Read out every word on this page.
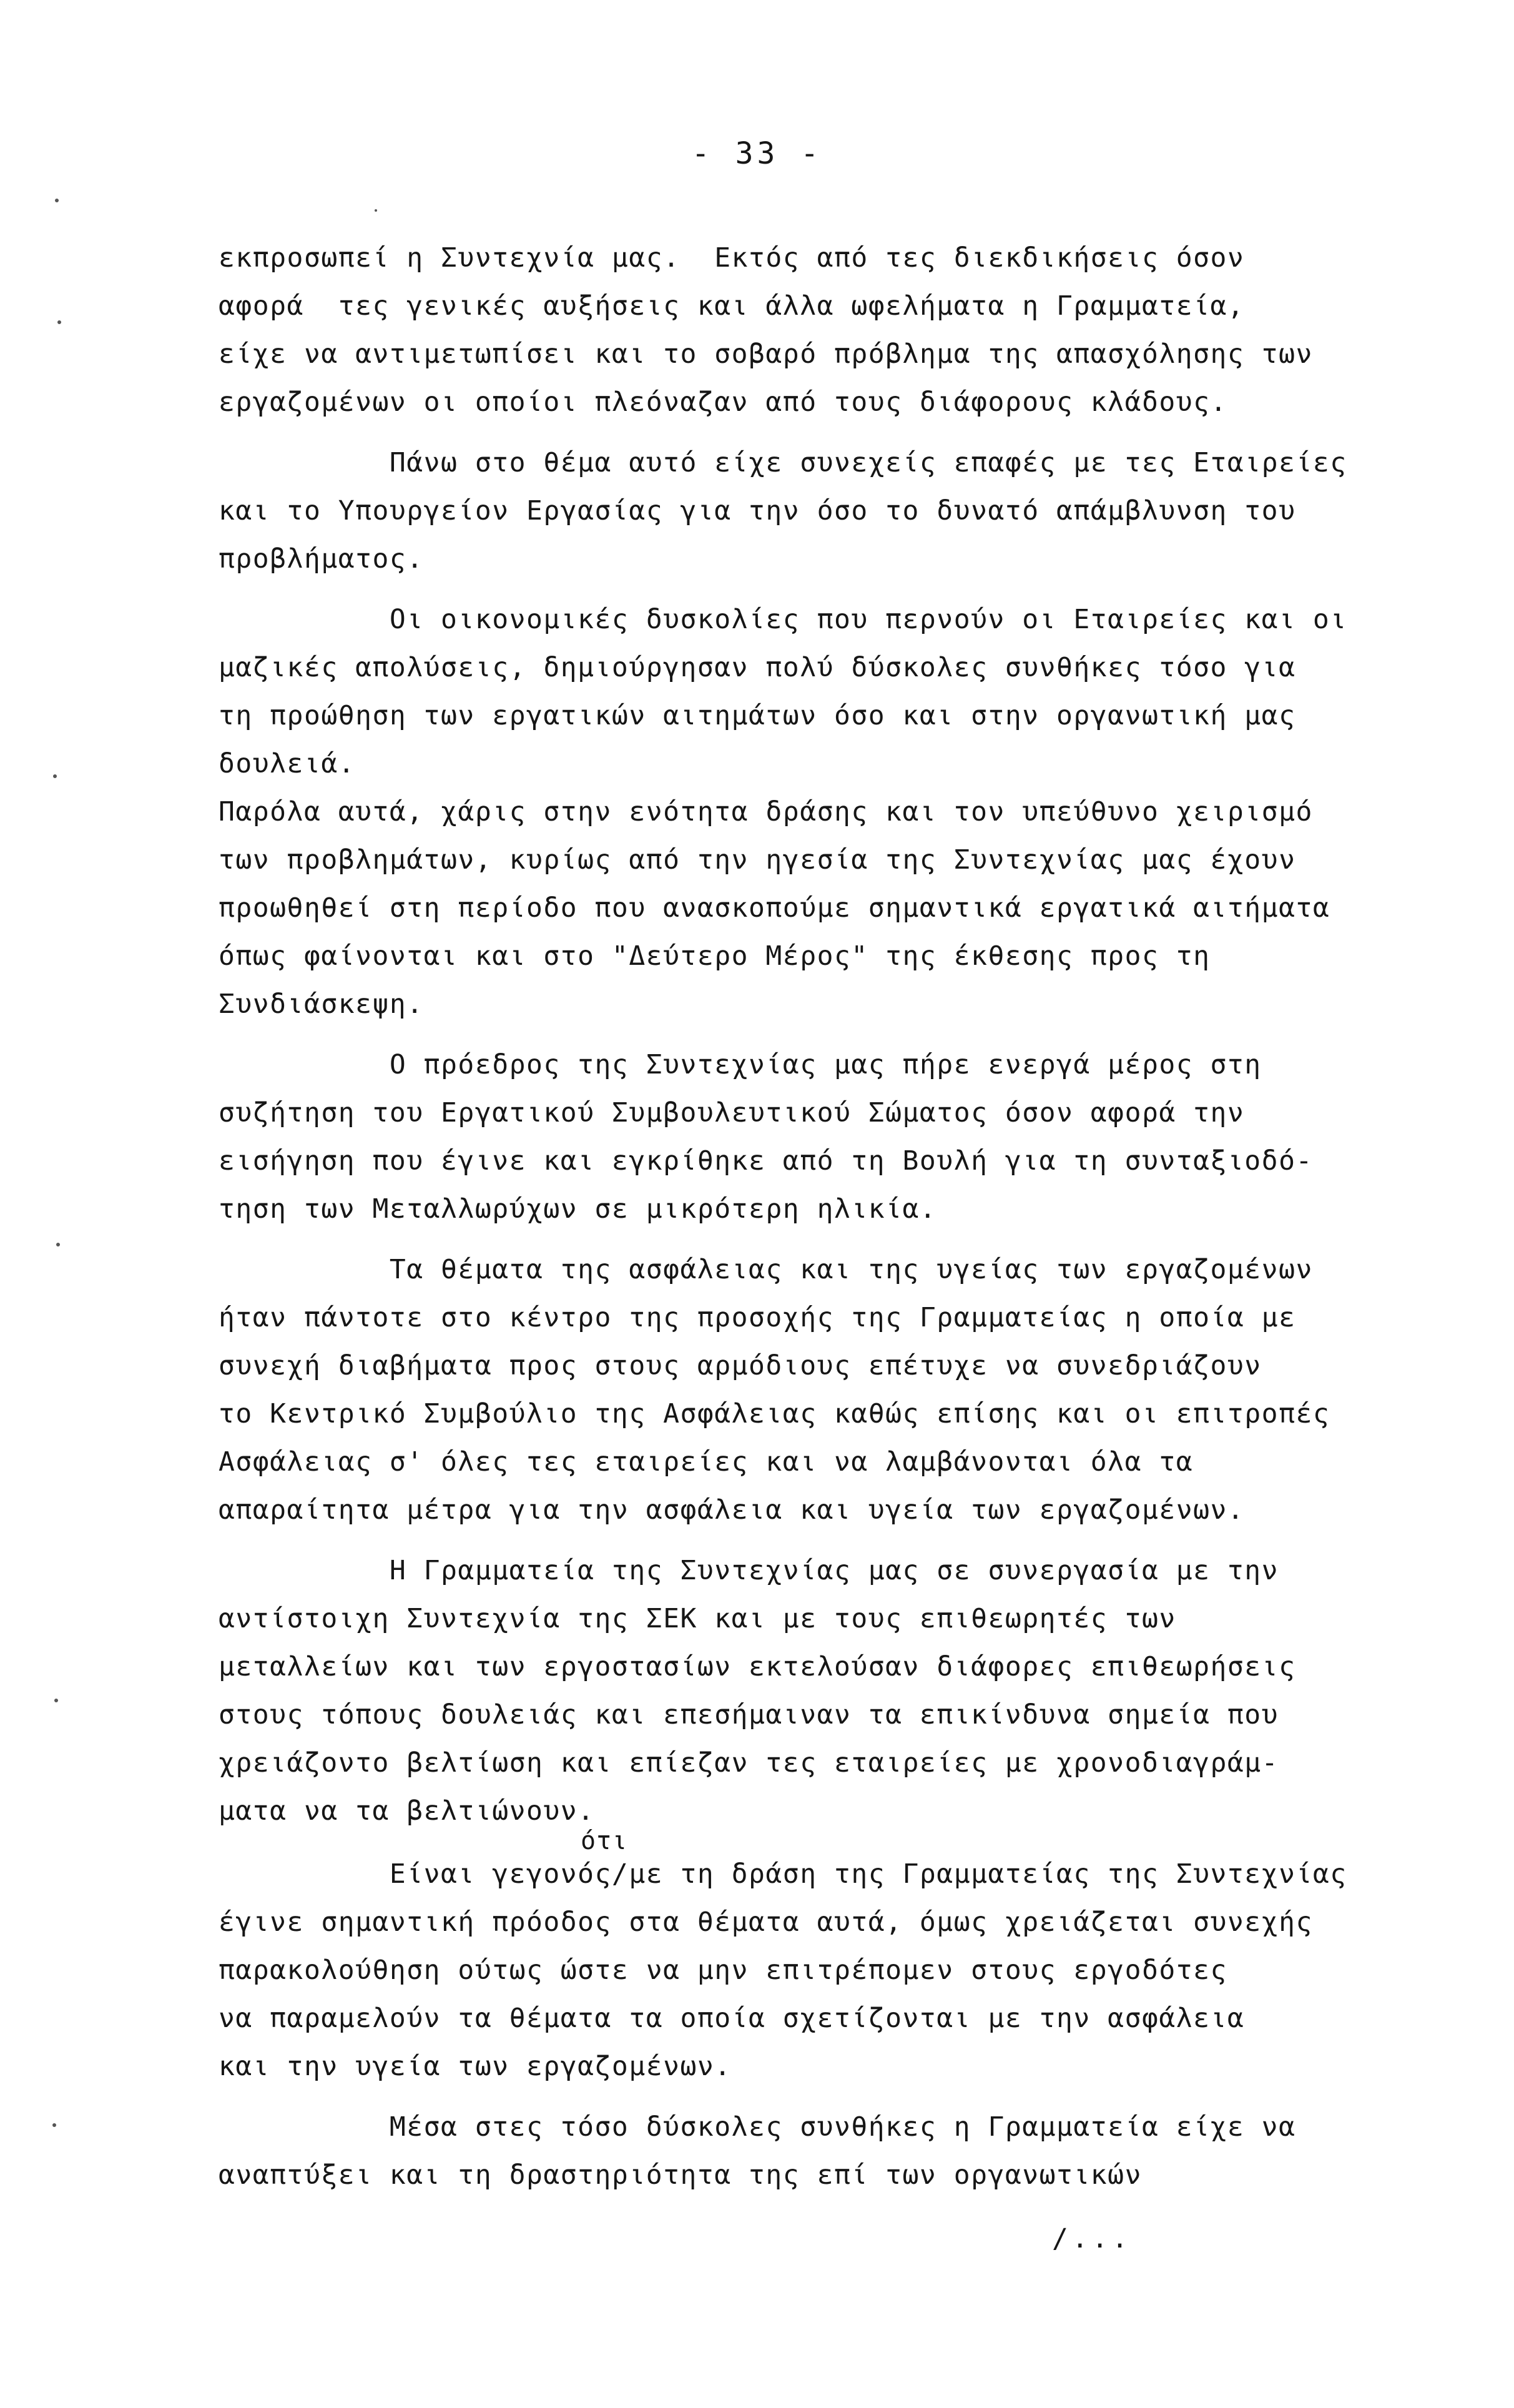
- 33 -
εκπροσωπεί η Συντεχνία μας.  Εκτός από τες διεκδικήσεις όσον
αφορά  τες γενικές αυξήσεις και άλλα ωφελήματα η Γραμματεία,
είχε να αντιμετωπίσει και το σοβαρό πρόβλημα της απασχόλησης των
εργαζομένων οι οποίοι πλεόναζαν από τους διάφορους κλάδους.
Πάνω στο θέμα αυτό είχε συνεχείς επαφές με τες Εταιρείες
και το Υπουργείον Εργασίας για την όσο το δυνατό απάμβλυνση του
προβλήματος.
Οι οικονομικές δυσκολίες που περνούν οι Εταιρείες και οι
μαζικές απολύσεις, δημιούργησαν πολύ δύσκολες συνθήκες τόσο για
τη προώθηση των εργατικών αιτημάτων όσο και στην οργανωτική μας
δουλειά.
Παρόλα αυτά, χάρις στην ενότητα δράσης και τον υπεύθυνο χειρισμό
των προβλημάτων, κυρίως από την ηγεσία της Συντεχνίας μας έχουν
προωθηθεί στη περίοδο που ανασκοπούμε σημαντικά εργατικά αιτήματα
όπως φαίνονται και στο "Δεύτερο Μέρος" της έκθεσης προς τη
Συνδιάσκεψη.
Ο πρόεδρος της Συντεχνίας μας πήρε ενεργά μέρος στη
συζήτηση του Εργατικού Συμβουλευτικού Σώματος όσον αφορά την
εισήγηση που έγινε και εγκρίθηκε από τη Βουλή για τη συνταξιοδό-
τηση των Μεταλλωρύχων σε μικρότερη ηλικία.
Τα θέματα της ασφάλειας και της υγείας των εργαζομένων
ήταν πάντοτε στο κέντρο της προσοχής της Γραμματείας η οποία με
συνεχή διαβήματα προς στους αρμόδιους επέτυχε να συνεδριάζουν
το Κεντρικό Συμβούλιο της Ασφάλειας καθώς επίσης και οι επιτροπές
Ασφάλειας σ' όλες τες εταιρείες και να λαμβάνονται όλα τα
απαραίτητα μέτρα για την ασφάλεια και υγεία των εργαζομένων.
Η Γραμματεία της Συντεχνίας μας σε συνεργασία με την
αντίστοιχη Συντεχνία της ΣΕΚ και με τους επιθεωρητές των
μεταλλείων και των εργοστασίων εκτελούσαν διάφορες επιθεωρήσεις
στους τόπους δουλειάς και επεσήμαιναν τα επικίνδυνα σημεία που
χρειάζοντο βελτίωση και επίεζαν τες εταιρείες με χρονοδιαγράμ-
ματα να τα βελτιώνουν.
ότι
Είναι γεγονός/με τη δράση της Γραμματείας της Συντεχνίας
έγινε σημαντική πρόοδος στα θέματα αυτά, όμως χρειάζεται συνεχής
παρακολούθηση ούτως ώστε να μην επιτρέπομεν στους εργοδότες
να παραμελούν τα θέματα τα οποία σχετίζονται με την ασφάλεια
και την υγεία των εργαζομένων.
Μέσα στες τόσο δύσκολες συνθήκες η Γραμματεία είχε να
αναπτύξει και τη δραστηριότητα της επί των οργανωτικών
/...
